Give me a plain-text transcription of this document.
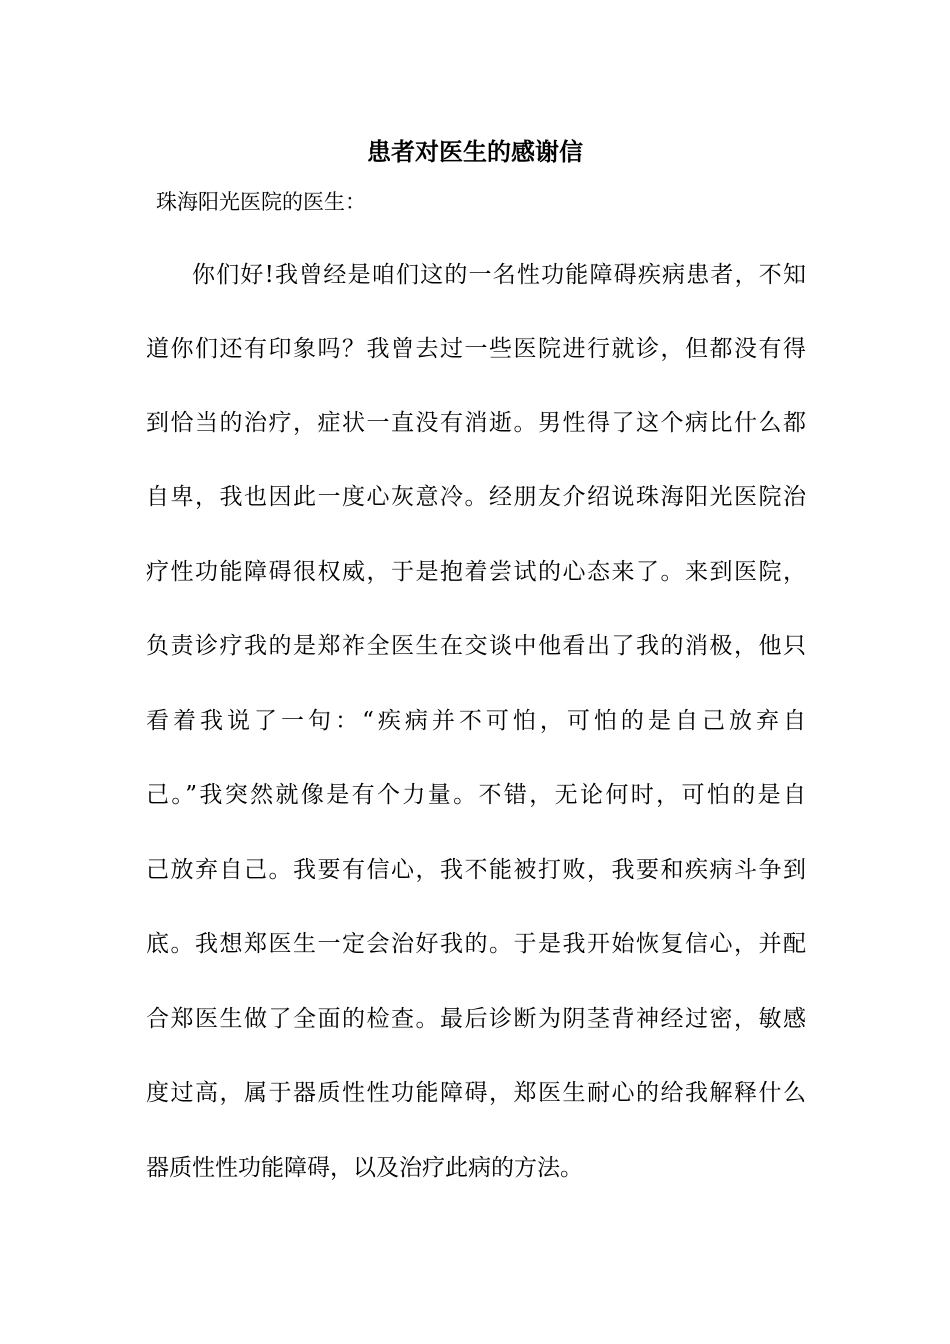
患者对医生的感谢信
珠海阳光医院的医生：
你们好!我曾经是咱们这的一名性功能障碍疾病患者，不知
道你们还有印象吗？我曾去过一些医院进行就诊，但都没有得
到恰当的治疗，症状一直没有消逝。男性得了这个病比什么都
自卑，我也因此一度心灰意冷。经朋友介绍说珠海阳光医院治
疗性功能障碍很权威，于是抱着尝试的心态来了。来到医院，
负责诊疗我的是郑祚全医生在交谈中他看出了我的消极，他只
看着我说了一句：“疾病并不可怕，可怕的是自己放弃自
己。”我突然就像是有个力量。不错，无论何时，可怕的是自
己放弃自己。我要有信心，我不能被打败，我要和疾病斗争到
底。我想郑医生一定会治好我的。于是我开始恢复信心，并配
合郑医生做了全面的检查。最后诊断为阴茎背神经过密，敏感
度过高，属于器质性性功能障碍，郑医生耐心的给我解释什么
器质性性功能障碍，以及治疗此病的方法。
